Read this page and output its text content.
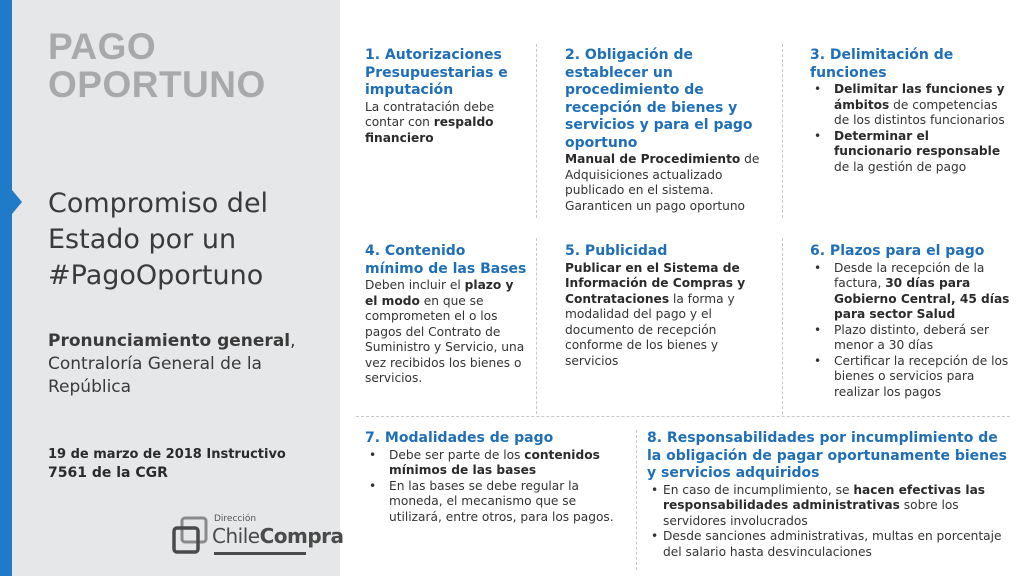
PAGO
OPORTUNO
Compromiso del Estado por un #PagoOportuno
Pronunciamiento general, Contraloría General de la República
19 de marzo de 2018 Instructivo
7561 de la CGR
Dirección
ChileCompra
1. Autorizaciones Presupuestarias e imputación
La contratación debe contar con respaldo financiero
2. Obligación de establecer un procedimiento de recepción de bienes y servicios y para el pago oportuno
Manual de Procedimiento de Adquisiciones actualizado publicado en el sistema. Garanticen un pago oportuno
3. Delimitación de funciones
• Delimitar las funciones y ámbitos de competencias de los distintos funcionarios
• Determinar el funcionario responsable de la gestión de pago
4. Contenido mínimo de las Bases
Deben incluir el plazo y el modo en que se comprometen el o los pagos del Contrato de Suministro y Servicio, una vez recibidos los bienes o servicios.
5. Publicidad
Publicar en el Sistema de Información de Compras y Contrataciones la forma y modalidad del pago y el documento de recepción conforme de los bienes y servicios
6. Plazos para el pago
• Desde la recepción de la factura, 30 días para Gobierno Central, 45 días para sector Salud
• Plazo distinto, deberá ser menor a 30 días
• Certificar la recepción de los bienes o servicios para realizar los pagos
7. Modalidades de pago
• Debe ser parte de los contenidos mínimos de las bases
• En las bases se debe regular la moneda, el mecanismo que se utilizará, entre otros, para los pagos.
8. Responsabilidades por incumplimiento de la obligación de pagar oportunamente bienes y servicios adquiridos
• En caso de incumplimiento, se hacen efectivas las responsabilidades administrativas sobre los servidores involucrados
• Desde sanciones administrativas, multas en porcentaje del salario hasta desvinculaciones
